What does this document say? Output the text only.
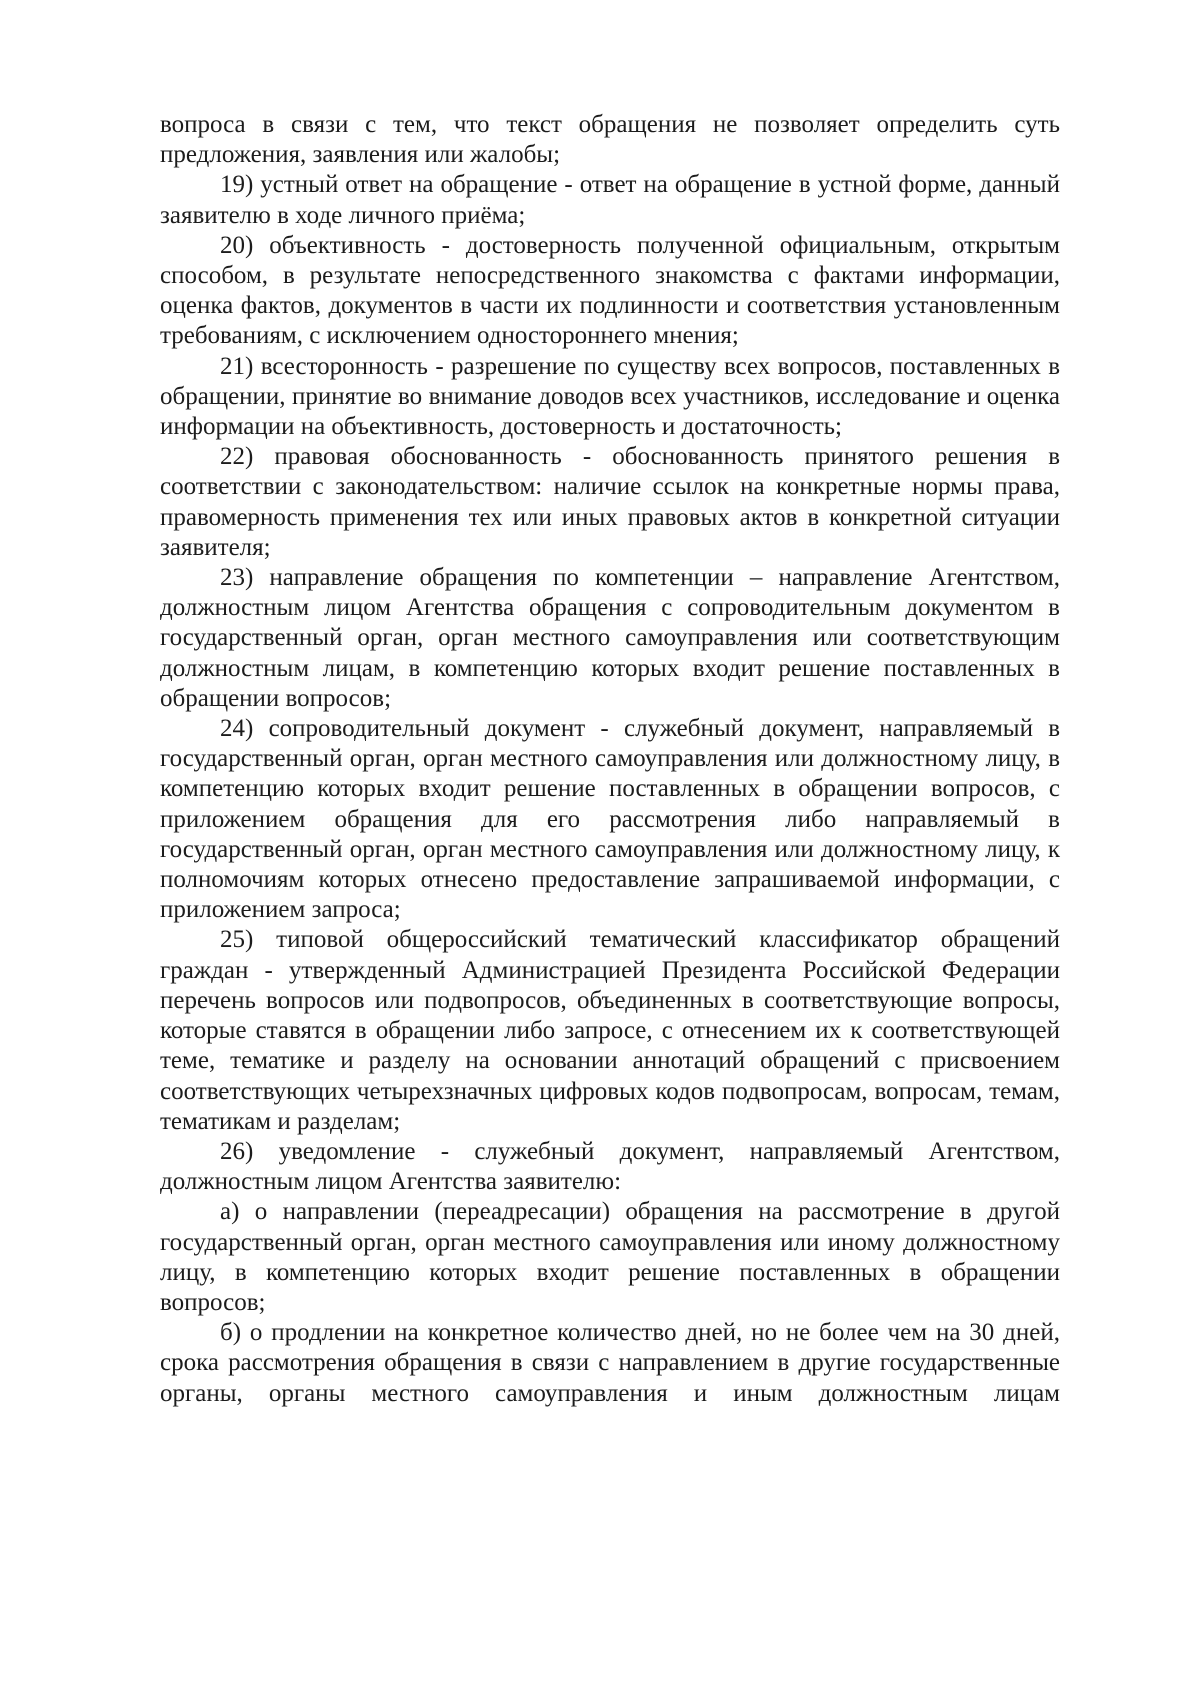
вопроса в связи с тем, что текст обращения не позволяет определить суть предложения, заявления или жалобы;

19) устный ответ на обращение - ответ на обращение в устной форме, данный заявителю в ходе личного приёма;

20) объективность - достоверность полученной официальным, открытым способом, в результате непосредственного знакомства с фактами информации, оценка фактов, документов в части их подлинности и соответствия установленным требованиям, с исключением одностороннего мнения;

21) всесторонность - разрешение по существу всех вопросов, поставленных в обращении, принятие во внимание доводов всех участников, исследование и оценка информации на объективность, достоверность и достаточность;

22) правовая обоснованность - обоснованность принятого решения в соответствии с законодательством: наличие ссылок на конкретные нормы права, правомерность применения тех или иных правовых актов в конкретной ситуации заявителя;

23) направление обращения по компетенции – направление Агентством, должностным лицом Агентства обращения с сопроводительным документом в государственный орган, орган местного самоуправления или соответствующим должностным лицам, в компетенцию которых входит решение поставленных в обращении вопросов;

24) сопроводительный документ - служебный документ, направляемый в государственный орган, орган местного самоуправления или должностному лицу, в компетенцию которых входит решение поставленных в обращении вопросов, с приложением обращения для его рассмотрения либо направляемый в государственный орган, орган местного самоуправления или должностному лицу, к полномочиям которых отнесено предоставление запрашиваемой информации, с приложением запроса;

25) типовой общероссийский тематический классификатор обращений граждан - утвержденный Администрацией Президента Российской Федерации перечень вопросов или подвопросов, объединенных в соответствующие вопросы, которые ставятся в обращении либо запросе, с отнесением их к соответствующей теме, тематике и разделу на основании аннотаций обращений с присвоением соответствующих четырехзначных цифровых кодов подвопросам, вопросам, темам, тематикам и разделам;

26) уведомление - служебный документ, направляемый Агентством, должностным лицом Агентства заявителю:

а) о направлении (переадресации) обращения на рассмотрение в другой государственный орган, орган местного самоуправления или иному должностному лицу, в компетенцию которых входит решение поставленных в обращении вопросов;

б) о продлении на конкретное количество дней, но не более чем на 30 дней, срока рассмотрения обращения в связи с направлением в другие государственные органы, органы местного самоуправления и иным должностным лицам
